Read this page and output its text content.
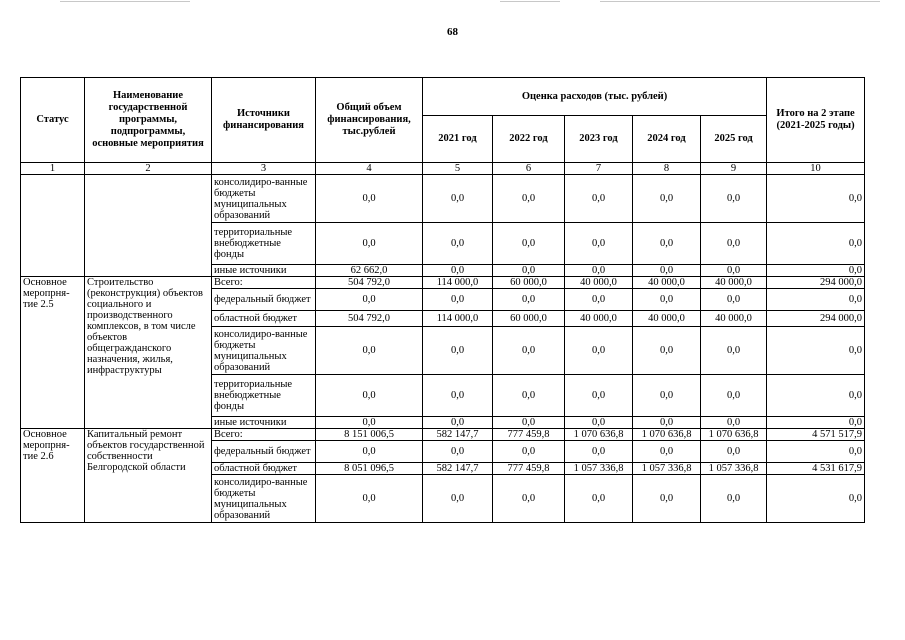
68
Статус	Наименование государственной программы, подпрограммы, основные мероприятия	Источники финансирования	Общий объем финансирования, тыс.рублей	Оценка расходов (тыс. рублей)					Итого на 2 этапе (2021-2025 годы)
				2021 год	2022 год	2023 год	2024 год	2025 год	
1	2	3	4	5	6	7	8	9	10
		консолидиро-ванные бюджеты муниципальных образований	0,0	0,0	0,0	0,0	0,0	0,0	0,0
		территориальные внебюджетные фонды	0,0	0,0	0,0	0,0	0,0	0,0	0,0
		иные источники	62 662,0	0,0	0,0	0,0	0,0	0,0	0,0
Основное меропрня-тие 2.5	Строительство (реконструкция) объектов социального и производственного комплексов, в том числе объектов общегражданского назначения, жилья, инфраструктуры	Всего:	504 792,0	114 000,0	60 000,0	40 000,0	40 000,0	40 000,0	294 000,0
		федеральный бюджет	0,0	0,0	0,0	0,0	0,0	0,0	0,0
		областной бюджет	504 792,0	114 000,0	60 000,0	40 000,0	40 000,0	40 000,0	294 000,0
		консолидиро-ванные бюджеты муниципальных образований	0,0	0,0	0,0	0,0	0,0	0,0	0,0
		территориальные внебюджетные фонды	0,0	0,0	0,0	0,0	0,0	0,0	0,0
		иные источники	0,0	0,0	0,0	0,0	0,0	0,0	0,0
Основное меропрня-тие 2.6	Капитальный ремонт объектов государственной собственности Белгородской области	Всего:	8 151 006,5	582 147,7	777 459,8	1 070 636,8	1 070 636,8	1 070 636,8	4 571 517,9
		федеральный бюджет	0,0	0,0	0,0	0,0	0,0	0,0	0,0
		областной бюджет	8 051 096,5	582 147,7	777 459,8	1 057 336,8	1 057 336,8	1 057 336,8	4 531 617,9
		консолидиро-ванные бюджеты муниципальных образований	0,0	0,0	0,0	0,0	0,0	0,0	0,0
